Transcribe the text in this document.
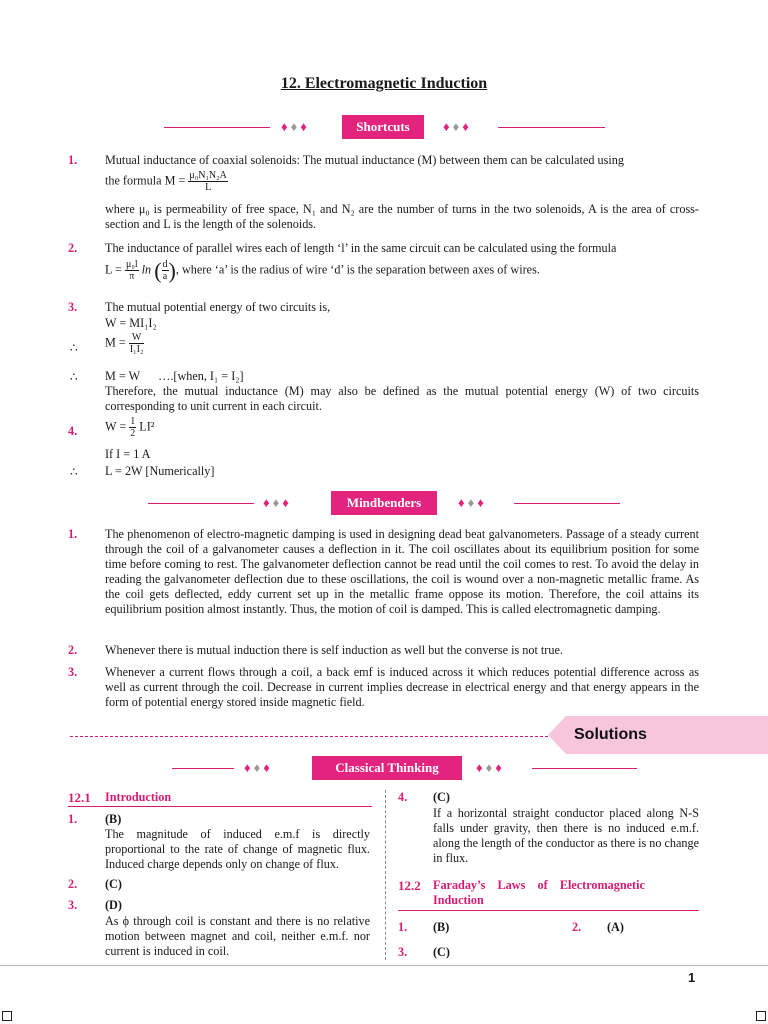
12. Electromagnetic Induction
♦♦♦	Shortcuts	♦♦♦
1. Mutual inductance of coaxial solenoids: The mutual inductance (M) between them can be calculated using
the formula $M = \frac{\text{μ₀N₁N₂A}}{L}$
where μ₀ is permeability of free space, N₁ and N₂ are the number of turns in the two solenoids, A is the area of cross-section and L is the length of the solenoids.
2. The inductance of parallel wires each of length ‘l’ in the same circuit can be calculated using the formula
$L = \frac{\text{μ₀l}}{\pi}$ ln ( $\frac{d}{a}$ ), where ‘a’ is the radius of wire ‘d’ is the separation between axes of wires.
3. The mutual potential energy of two circuits is,
W = MI₁I₂
∴ $M = \frac{W}{\text{I₁I₂}}$
∴ M = W      ….[when, I₁ = I₂]
Therefore, the mutual inductance (M) may also be defined as the mutual potential energy (W) of two circuits corresponding to unit current in each circuit.
4. $W = \frac{1}{2} LI^2$
If I = 1 A
∴ L = 2W [Numerically]
♦♦♦	Mindbenders	♦♦♦
1. The phenomenon of electro-magnetic damping is used in designing dead beat galvanometers. Passage of a steady current through the coil of a galvanometer causes a deflection in it. The coil oscillates about its equilibrium position for some time before coming to rest. The galvanometer deflection cannot be read until the coil comes to rest. To avoid the delay in reading the galvanometer deflection due to these oscillations, the coil is wound over a non-magnetic metallic frame. As the coil gets deflected, eddy current set up in the metallic frame oppose its motion. Therefore, the coil attains its equilibrium position almost instantly. Thus, the motion of coil is damped. This is called electromagnetic damping.
2. Whenever there is mutual induction there is self induction as well but the converse is not true.
3. Whenever a current flows through a coil, a back emf is induced across it which reduces potential difference across as well as current through the coil. Decrease in current implies decrease in electrical energy and that energy appears in the form of potential energy stored inside magnetic field.
Solutions
♦♦♦	Classical Thinking	♦♦♦
12.1 Introduction
1. (B)
The magnitude of induced e.m.f is directly proportional to the rate of change of magnetic flux. Induced charge depends only on change of flux.
2. (C)
3. (D)
As ϕ through coil is constant and there is no relative motion between magnet and coil, neither e.m.f. nor current is induced in coil.
4. (C)
If a horizontal straight conductor placed along N-S falls under gravity, then there is no induced e.m.f. along the length of the conductor as there is no change in flux.
12.2 Faraday’s    Laws    of    Electromagnetic
Induction
1. (B)	2. (A)
3. (C)
1
